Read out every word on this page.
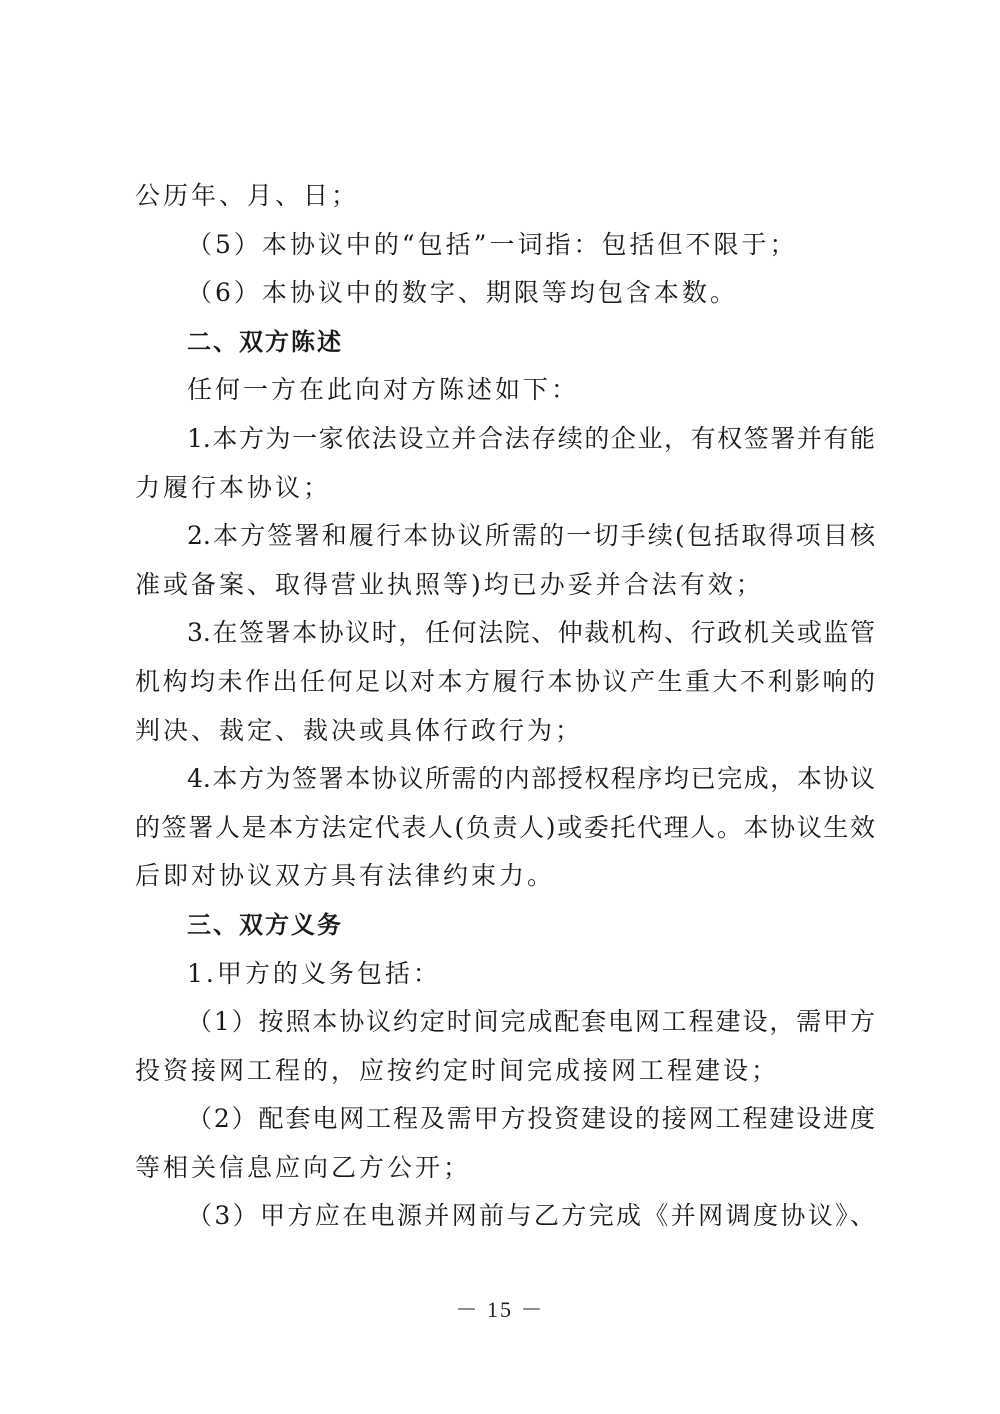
公历年、月、日；
（5）本协议中的“包括”一词指：包括但不限于；
（6）本协议中的数字、期限等均包含本数。
二、双方陈述
任何一方在此向对方陈述如下：
1.本方为一家依法设立并合法存续的企业，有权签署并有能
力履行本协议；
2.本方签署和履行本协议所需的一切手续(包括取得项目核
准或备案、取得营业执照等)均已办妥并合法有效；
3.在签署本协议时，任何法院、仲裁机构、行政机关或监管
机构均未作出任何足以对本方履行本协议产生重大不利影响的
判决、裁定、裁决或具体行政行为；
4.本方为签署本协议所需的内部授权程序均已完成，本协议
的签署人是本方法定代表人(负责人)或委托代理人。本协议生效
后即对协议双方具有法律约束力。
三、双方义务
1.甲方的义务包括：
（1）按照本协议约定时间完成配套电网工程建设，需甲方
投资接网工程的，应按约定时间完成接网工程建设；
（2）配套电网工程及需甲方投资建设的接网工程建设进度
等相关信息应向乙方公开；
（3）甲方应在电源并网前与乙方完成《并网调度协议》、
－ 15 －
